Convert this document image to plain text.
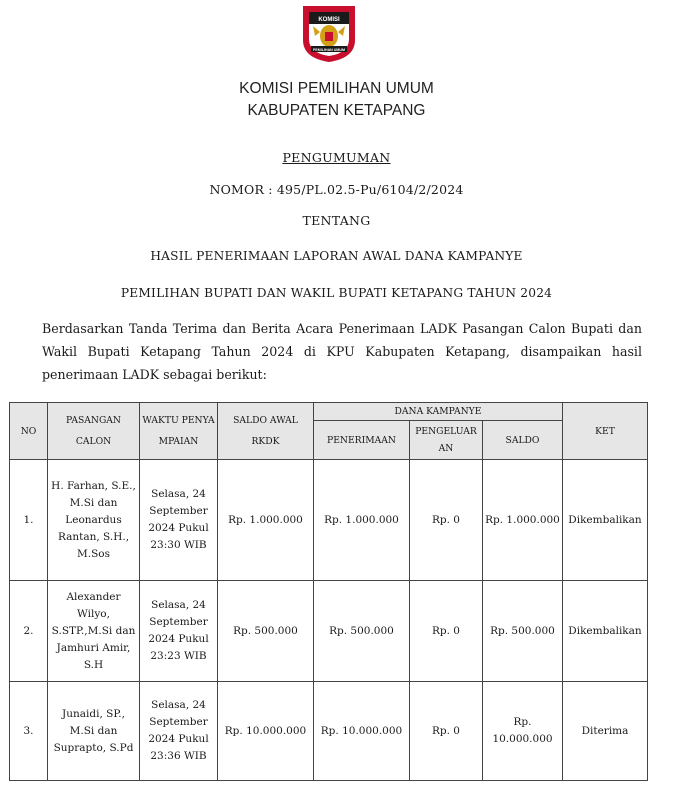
KOMISI
PEMILIHAN UMUM
KOMISI PEMILIHAN UMUM
KABUPATEN KETAPANG
PENGUMUMAN
NOMOR : 495/PL.02.5-Pu/6104/2/2024
TENTANG
HASIL PENERIMAAN LAPORAN AWAL DANA KAMPANYE
PEMILIHAN BUPATI DAN WAKIL BUPATI KETAPANG TAHUN 2024
Berdasarkan Tanda Terima dan Berita Acara Penerimaan LADK Pasangan Calon Bupati dan Wakil Bupati Ketapang Tahun 2024 di KPU Kabupaten Ketapang, disampaikan hasil penerimaan LADK sebagai berikut:
NO	PASANGAN CALON	WAKTU PENYAMPAIAN	SALDO AWAL RKDK	DANA KAMPANYE			KET
				PENERIMAAN	PENGELUARAN	SALDO	
1.	H. Farhan, S.E., M.Si dan Leonardus Rantan, S.H., M.Sos	Selasa, 24 September 2024 Pukul 23:30 WIB	Rp. 1.000.000	Rp. 1.000.000	Rp. 0	Rp. 1.000.000	Dikembalikan
2.	Alexander Wilyo, S.STP.,M.Si dan Jamhuri Amir, S.H	Selasa, 24 September 2024 Pukul 23:23 WIB	Rp. 500.000	Rp. 500.000	Rp. 0	Rp. 500.000	Dikembalikan
3.	Junaidi, SP., M.Si dan Suprapto, S.Pd	Selasa, 24 September 2024 Pukul 23:36 WIB	Rp. 10.000.000	Rp. 10.000.000	Rp. 0	Rp. 10.000.000	Diterima
